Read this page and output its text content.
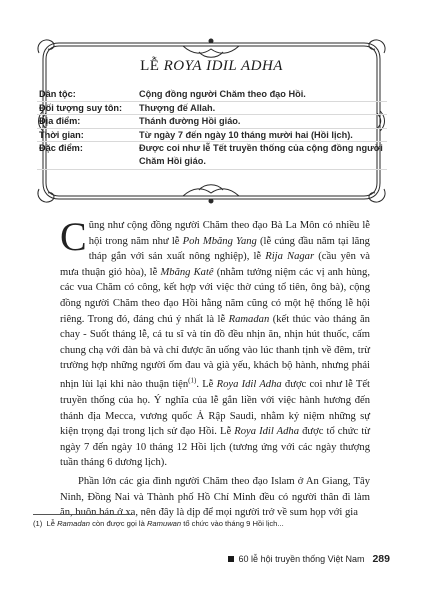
LỄ ROYA IDIL ADHA
Dân tộc:	Cộng đồng người Chăm theo đạo Hồi.
Đối tượng suy tôn:	Thượng đế Allah.
Địa điểm:	Thánh đường Hồi giáo.
Thời gian:	Từ ngày 7 đến ngày 10 tháng mười hai (Hồi lịch).
Đặc điểm:	Được coi như lễ Tết truyền thống của cộng đồng người Chăm Hồi giáo.

Cũng như cộng đồng người Chăm theo đạo Bà La Môn có nhiều lễ hội trong năm như lễ Poh Mbăng Yang (lễ cúng đầu năm tại lăng tháp gắn với sản xuất nông nghiệp), lễ Rija Nagar (cầu yên và mưa thuận gió hòa), lễ Mbăng Katê (nhằm tưởng niệm các vị anh hùng, các vua Chăm có công, kết hợp với việc thờ cúng tổ tiên, ông bà), cộng đồng người Chăm theo đạo Hồi hằng năm cũng có một hệ thống lễ hội riêng. Trong đó, đáng chú ý nhất là lễ Ramadan (kết thúc vào tháng ăn chay - Suốt tháng lễ, cả tu sĩ và tín đồ đều nhịn ăn, nhịn hút thuốc, cấm chung chạ với đàn bà và chỉ được ăn uống vào lúc thanh tịnh về đêm, trừ trường hợp những người ốm đau và già yếu, khách bộ hành, nhưng phải nhịn lùi lại khi nào thuận tiện$^{(1)}$. Lễ Roya Idil Adha được coi như lễ Tết truyền thống của họ. Ý nghĩa của lễ gắn liền với việc hành hương đến thánh địa Mecca, vương quốc Ả Rập Saudi, nhằm kỷ niệm những sự kiện trọng đại trong lịch sử đạo Hồi. Lễ Roya Idil Adha được tổ chức từ ngày 7 đến ngày 10 tháng 12 Hồi lịch (tương ứng với các ngày thượng tuần tháng 6 dương lịch).

Phần lớn các gia đình người Chăm theo đạo Islam ở An Giang, Tây Ninh, Đồng Nai và Thành phố Hồ Chí Minh đều có người thân đi làm ăn, buôn bán ở xa, nên đây là dịp để mọi người trở về sum họp với gia

(1) Lễ Ramadan còn được gọi là Ramuwan tổ chức vào tháng 9 Hồi lịch...
60 lễ hội truyền thống Việt Nam 289
